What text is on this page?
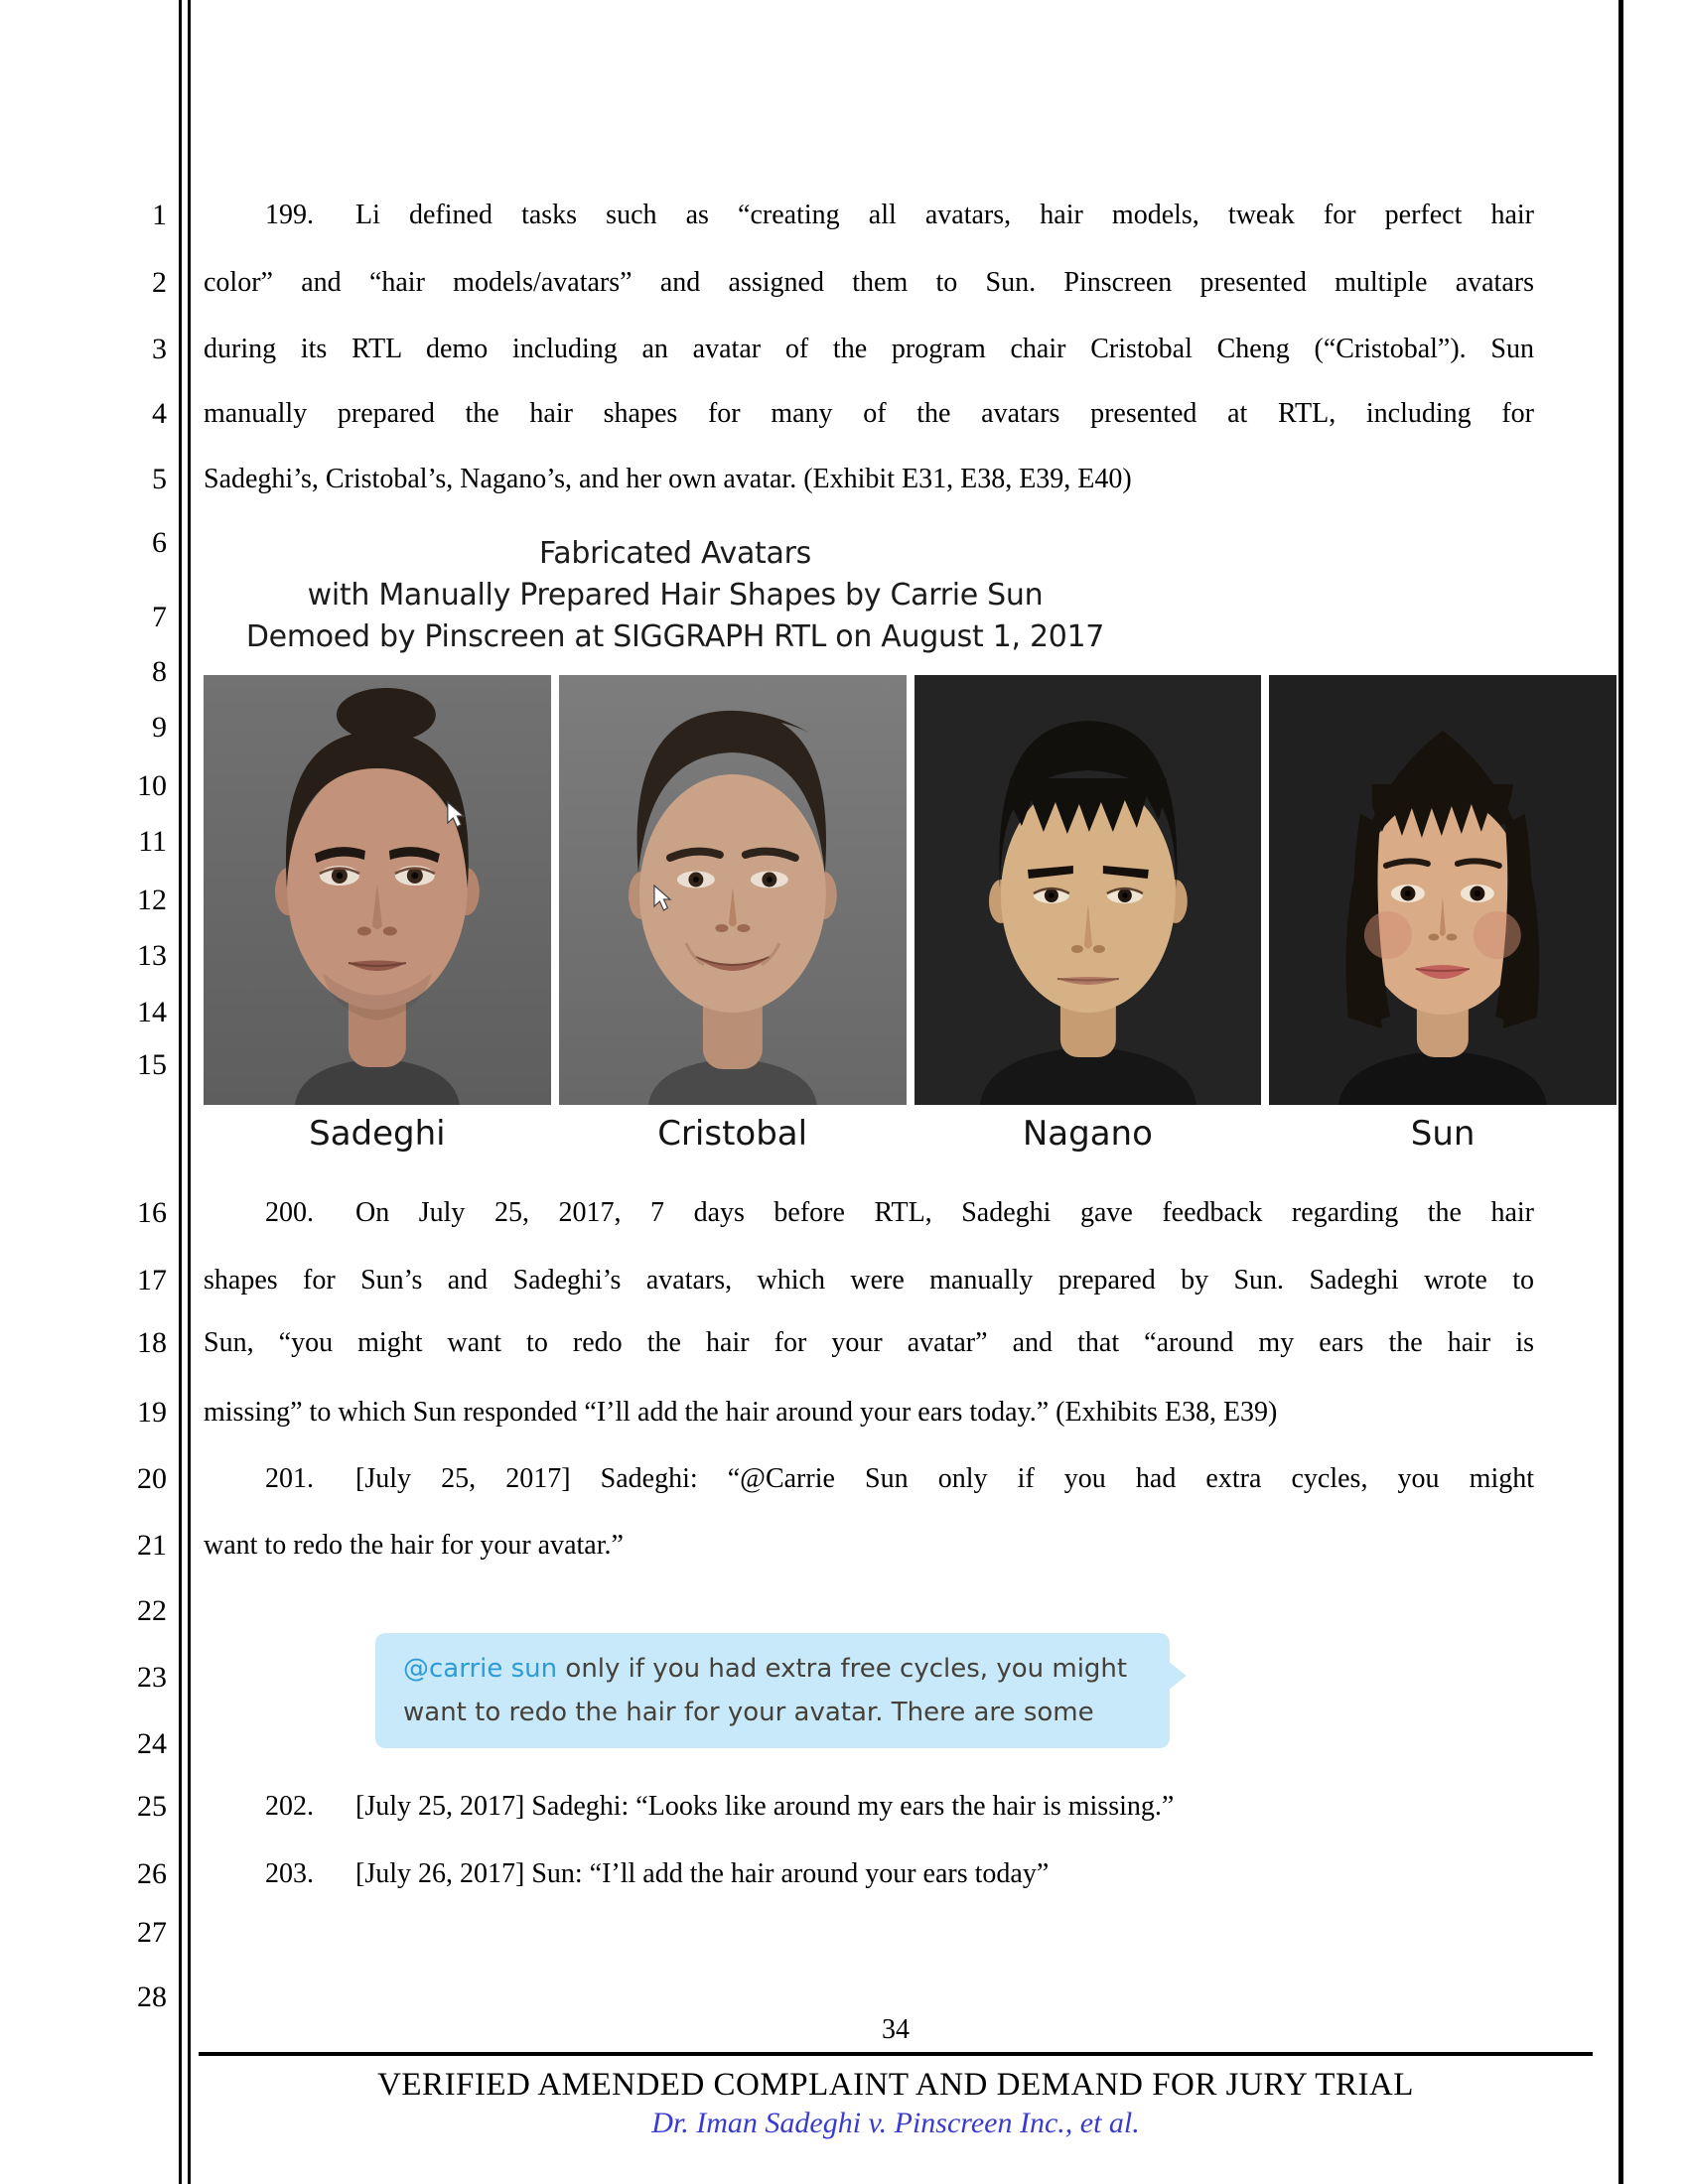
1
2
3
4
5
6
7
8
9
10
11
12
13
14
15
16
17
18
19
20
21
22
23
24
25
26
27
28
199. Li defined tasks such as “creating all avatars, hair models, tweak for perfect hair
color” and “hair models/avatars” and assigned them to Sun. Pinscreen presented multiple avatars
during its RTL demo including an avatar of the program chair Cristobal Cheng (“Cristobal”). Sun
manually prepared the hair shapes for many of the avatars presented at RTL, including for
Sadeghi’s, Cristobal’s, Nagano’s, and her own avatar. (Exhibit E31, E38, E39, E40)
Fabricated Avatars
with Manually Prepared Hair Shapes by Carrie Sun
Demoed by Pinscreen at SIGGRAPH RTL on August 1, 2017
Sadeghi	Cristobal	Nagano	Sun
200. On July 25, 2017, 7 days before RTL, Sadeghi gave feedback regarding the hair
shapes for Sun’s and Sadeghi’s avatars, which were manually prepared by Sun. Sadeghi wrote to
Sun, “you might want to redo the hair for your avatar” and that “around my ears the hair is
missing” to which Sun responded “I’ll add the hair around your ears today.” (Exhibits E38, E39)
201. [July 25, 2017] Sadeghi: “@Carrie Sun only if you had extra cycles, you might
want to redo the hair for your avatar.”
@carrie sun only if you had extra free cycles, you might
want to redo the hair for your avatar. There are some
202. [July 25, 2017] Sadeghi: “Looks like around my ears the hair is missing.”
203. [July 26, 2017] Sun: “I’ll add the hair around your ears today”
34
VERIFIED AMENDED COMPLAINT AND DEMAND FOR JURY TRIAL
Dr. Iman Sadeghi v. Pinscreen Inc., et al.
